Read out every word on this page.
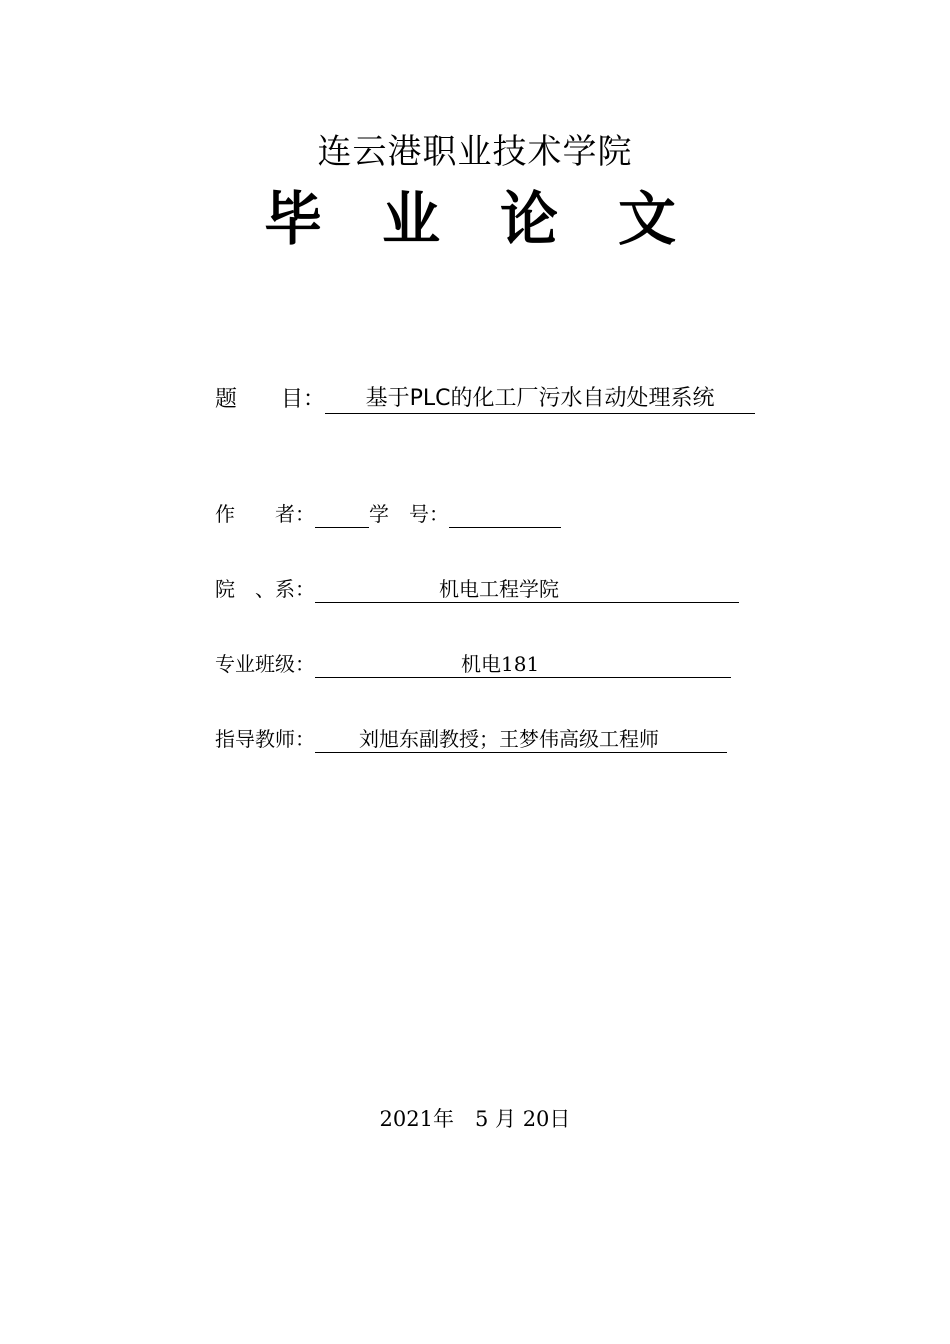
连云港职业技术学院
毕业论文
题　　目： 基于PLC的化工厂污水自动处理系统
作　　者：	学　号：
院　、系：	机电工程学院
专业班级：	机电181
指导教师： 刘旭东副教授；王梦伟高级工程师
2021年　5 月 20日
